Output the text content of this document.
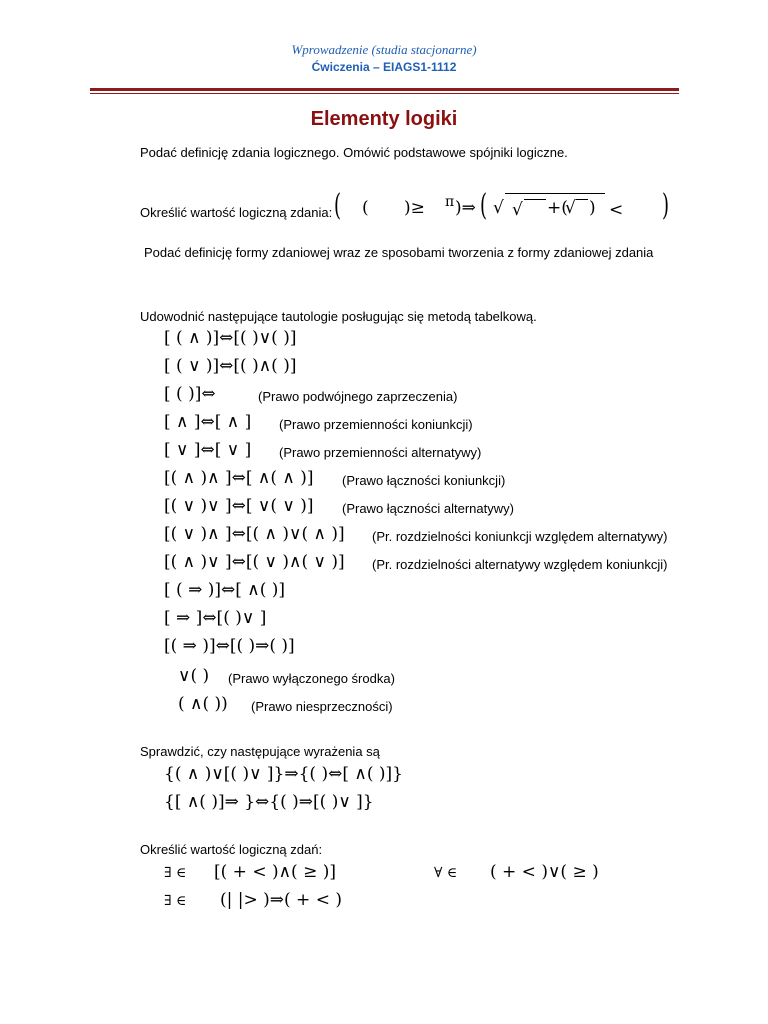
Wprowadzenie (studia stacjonarne)
Ćwiczenia – EIAGS1-1112
Elementy logiki
Podać definicję zdania logicznego. Omówić podstawowe spójniki logiczne.
Określić wartość logiczną zdania: ( ( )≥ π )⇒ ( √ √ +(
√ ) < )
Podać definicję formy zdaniowej wraz ze sposobami tworzenia z formy zdaniowej zdania
Udowodnić następujące tautologie posługując się metodą tabelkową.
[ ( ∧ )]⇔[( )∨( )]
[ ( ∨ )]⇔[( )∧( )]
[ ( )]⇔	(Prawo podwójnego zaprzeczenia)
[ ∧ ]⇔[ ∧ ] (Prawo przemienności koniunkcji)
[ ∨ ]⇔[ ∨ ] (Prawo przemienności alternatywy)
[( ∧ )∧ ]⇔[ ∧( ∧ )] (Prawo łączności koniunkcji)
[( ∨ )∨ ]⇔[ ∨( ∨ )] (Prawo łączności alternatywy)
[( ∨ )∧ ]⇔[( ∧ )∨( ∧ )] (Pr. rozdzielności koniunkcji względem alternatywy)
[( ∧ )∨ ]⇔[( ∨ )∧( ∨ )] (Pr. rozdzielności alternatywy względem koniunkcji)
[ ( ⇒ )]⇔[ ∧( )]
[ ⇒ ]⇔[( )∨ ]
[( ⇒ )]⇔[( )⇒( )]
∨( ) (Prawo wyłączonego środka)
( ∧( )) (Prawo niesprzeczności)
Sprawdzić, czy następujące wyrażenia są
{( ∧ )∨[( )∨ ]}⇒{( )⇔[ ∧( )]}
{[ ∧( )]⇒ }⇔{( )⇒[( )∨ ]}
Określić wartość logiczną zdań:
∃ ∈ [( + < )∧( ≥ )]	∀ ∈ ( + < )∨( ≥ )
∃ ∈ (| |> )⇒( + < )
